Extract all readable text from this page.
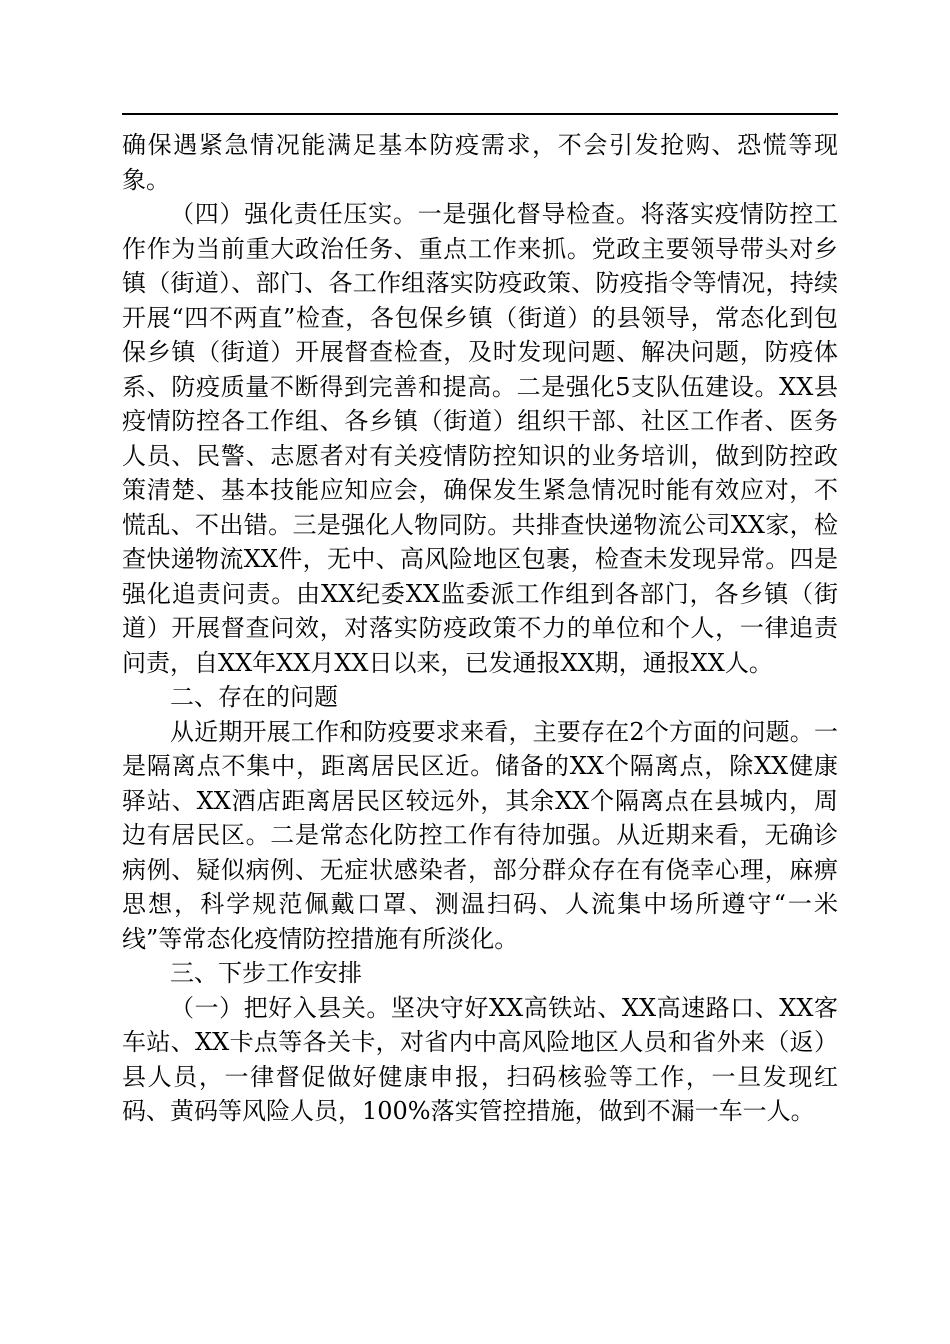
确保遇紧急情况能满足基本防疫需求，不会引发抢购、恐慌等现象。

（四）强化责任压实。一是强化督导检查。将落实疫情防控工作作为当前重大政治任务、重点工作来抓。党政主要领导带头对乡镇（街道）、部门、各工作组落实防疫政策、防疫指令等情况，持续开展“四不两直”检查，各包保乡镇（街道）的县领导，常态化到包保乡镇（街道）开展督查检查，及时发现问题、解决问题，防疫体系、防疫质量不断得到完善和提高。二是强化5支队伍建设。XX县疫情防控各工作组、各乡镇（街道）组织干部、社区工作者、医务人员、民警、志愿者对有关疫情防控知识的业务培训，做到防控政策清楚、基本技能应知应会，确保发生紧急情况时能有效应对，不慌乱、不出错。三是强化人物同防。共排查快递物流公司XX家，检查快递物流XX件，无中、高风险地区包裹，检查未发现异常。四是强化追责问责。由XX纪委XX监委派工作组到各部门，各乡镇（街道）开展督查问效，对落实防疫政策不力的单位和个人，一律追责问责，自XX年XX月XX日以来，已发通报XX期，通报XX人。

二、存在的问题

从近期开展工作和防疫要求来看，主要存在2个方面的问题。一是隔离点不集中，距离居民区近。储备的XX个隔离点，除XX健康驿站、XX酒店距离居民区较远外，其余XX个隔离点在县城内，周边有居民区。二是常态化防控工作有待加强。从近期来看，无确诊病例、疑似病例、无症状感染者，部分群众存在有侥幸心理，麻痹思想，科学规范佩戴口罩、测温扫码、人流集中场所遵守“一米线”等常态化疫情防控措施有所淡化。

三、下步工作安排

（一）把好入县关。坚决守好XX高铁站、XX高速路口、XX客车站、XX卡点等各关卡，对省内中高风险地区人员和省外来（返）县人员，一律督促做好健康申报，扫码核验等工作，一旦发现红码、黄码等风险人员，100%落实管控措施，做到不漏一车一人。
